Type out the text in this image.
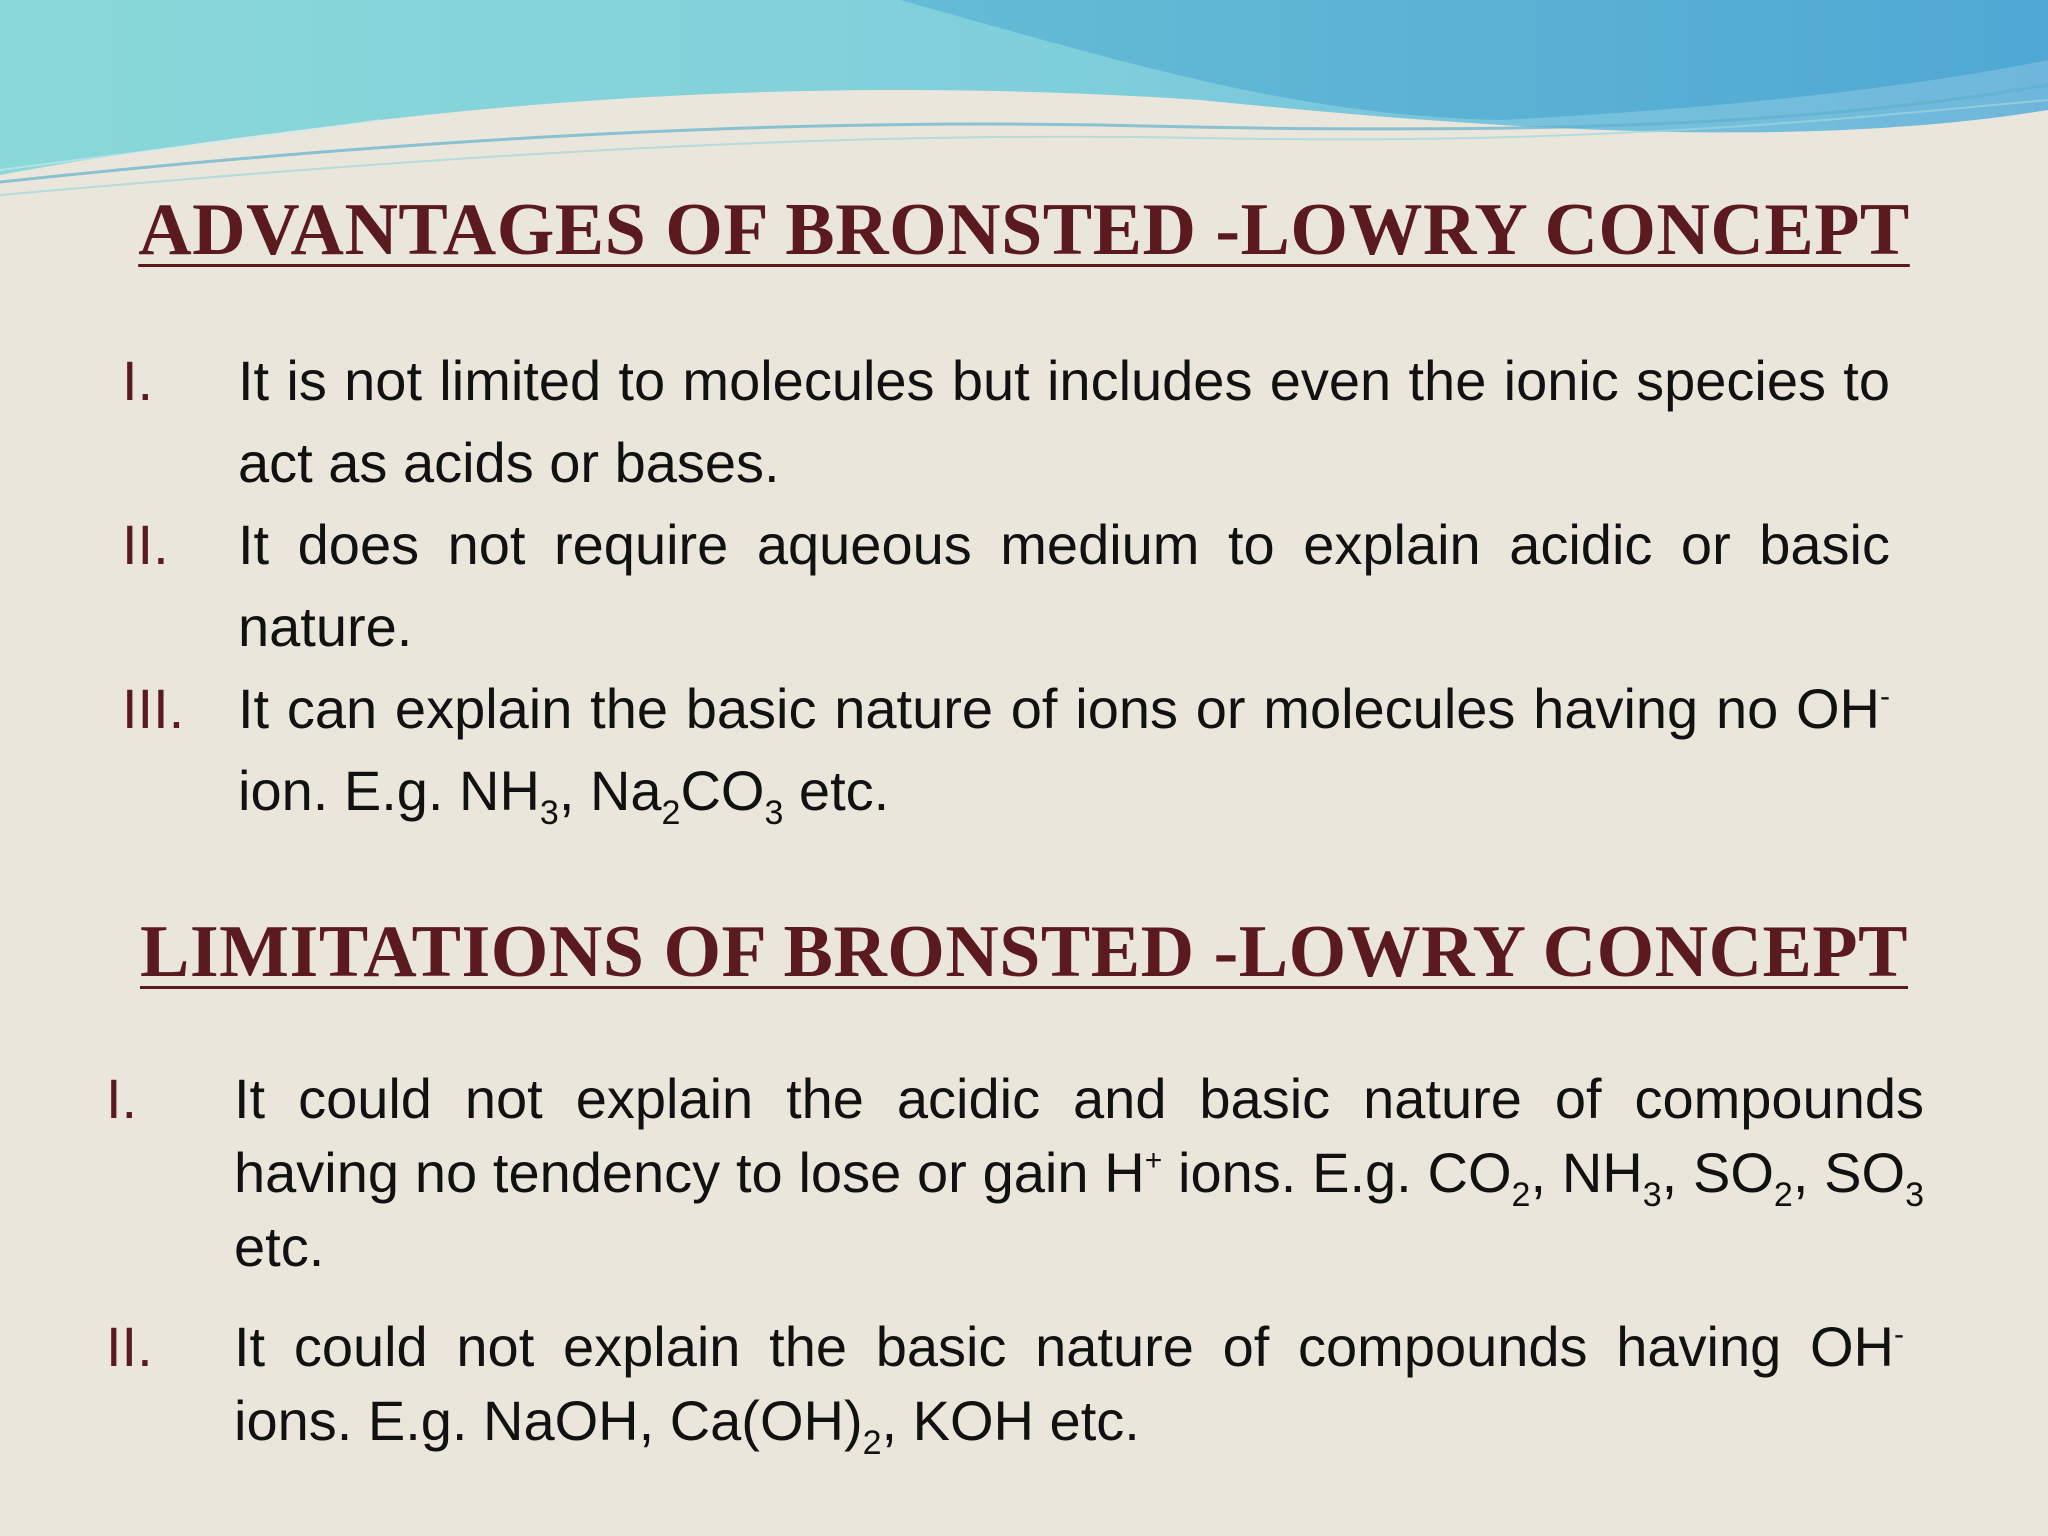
ADVANTAGES OF BRONSTED -LOWRY CONCEPT
I. It is not limited to molecules but includes even the ionic species to act as acids or bases.
II. It does not require aqueous medium to explain acidic or basic nature.
III. It can explain the basic nature of ions or molecules having no OH- ion. E.g. $NH_3$, $Na_2CO_3$ etc.
LIMITATIONS OF BRONSTED -LOWRY CONCEPT
I. It could not explain the acidic and basic nature of compounds having no tendency to lose or gain H+ ions. E.g. $CO_2$, $NH_3$, $SO_2$, $SO_3$ etc.
II. It could not explain the basic nature of compounds having OH- ions. E.g. NaOH, $Ca(OH)_2$, KOH etc.
